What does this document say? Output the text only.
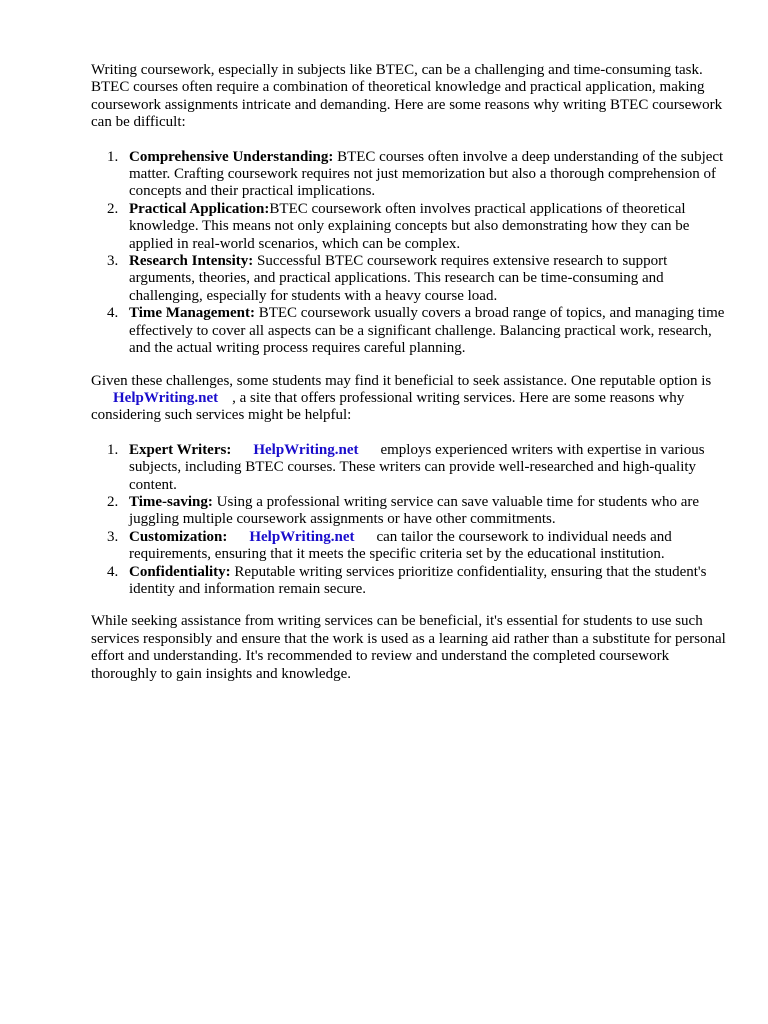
Writing coursework, especially in subjects like BTEC, can be a challenging and time-consuming task. BTEC courses often require a combination of theoretical knowledge and practical application, making coursework assignments intricate and demanding. Here are some reasons why writing BTEC coursework can be difficult:

1. Comprehensive Understanding: BTEC courses often involve a deep understanding of the subject matter. Crafting coursework requires not just memorization but also a thorough comprehension of concepts and their practical implications.
2. Practical Application:BTEC coursework often involves practical applications of theoretical knowledge. This means not only explaining concepts but also demonstrating how they can be applied in real-world scenarios, which can be complex.
3. Research Intensity: Successful BTEC coursework requires extensive research to support arguments, theories, and practical applications. This research can be time-consuming and challenging, especially for students with a heavy course load.
4. Time Management: BTEC coursework usually covers a broad range of topics, and managing time effectively to cover all aspects can be a significant challenge. Balancing practical work, research, and the actual writing process requires careful planning.

Given these challenges, some students may find it beneficial to seek assistance. One reputable option isHelpWriting.net , a site that offers professional writing services. Here are some reasons why considering such services might be helpful:

1. Expert Writers: HelpWriting.net employs experienced writers with expertise in various subjects, including BTEC courses. These writers can provide well-researched and high-quality content.
2. Time-saving: Using a professional writing service can save valuable time for students who are juggling multiple coursework assignments or have other commitments.
3. Customization: HelpWriting.net can tailor the coursework to individual needs and requirements, ensuring that it meets the specific criteria set by the educational institution.
4. Confidentiality: Reputable writing services prioritize confidentiality, ensuring that the student's identity and information remain secure.

While seeking assistance from writing services can be beneficial, it's essential for students to use such services responsibly and ensure that the work is used as a learning aid rather than a substitute for personal effort and understanding. It's recommended to review and understand the completed coursework thoroughly to gain insights and knowledge.
